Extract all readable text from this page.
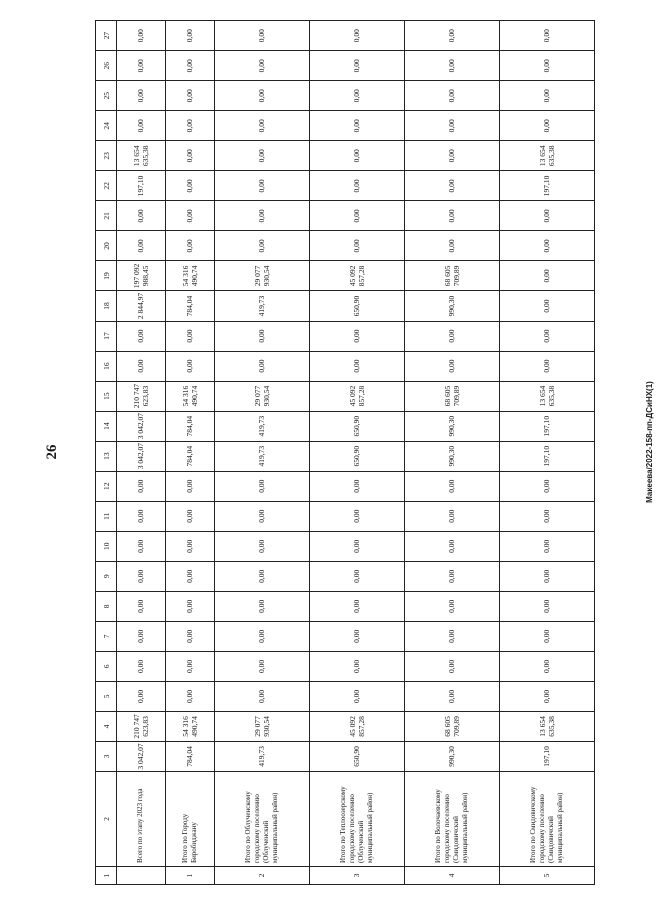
26	Макеева/2022-158-пп-ДСиНХ(1)
1	2	3	4	5	6	7	8	9	10	11	12	13	14	15	16	17	18	19	20	21	22	23	24	25	26	27
	Всего по этапу 2023 года	3 042,07	210 747 623,83	0,00	0,00	0,00	0,00	0,00	0,00	0,00	0,00	3 042,07	3 042,07	210 747 623,83	0,00	0,00	2 844,97	197 092 988,45	0,00	0,00	197,10	13 654 635,38	0,00	0,00	0,00	0,00
1	Итого по Городу Биробиджану	784,04	54 316 490,74	0,00	0,00	0,00	0,00	0,00	0,00	0,00	0,00	784,04	784,04	54 316 490,74	0,00	0,00	784,04	54 316 490,74	0,00	0,00	0,00	0,00	0,00	0,00	0,00	0,00
2	Итого по Облученскому городскому поселению (Облученский муниципальный район)	419,73	29 077 930,54	0,00	0,00	0,00	0,00	0,00	0,00	0,00	0,00	419,73	419,73	29 077 930,54	0,00	0,00	419,73	29 077 930,54	0,00	0,00	0,00	0,00	0,00	0,00	0,00	0,00
3	Итого по Теплоозерскому городскому поселению (Облученский муниципальный район)	650,90	45 092 857,28	0,00	0,00	0,00	0,00	0,00	0,00	0,00	0,00	650,90	650,90	45 092 857,28	0,00	0,00	650,90	45 092 857,28	0,00	0,00	0,00	0,00	0,00	0,00	0,00	0,00
4	Итого по Волочаевскому городскому поселению (Смидовичский муниципальный район)	990,30	68 605 709,89	0,00	0,00	0,00	0,00	0,00	0,00	0,00	0,00	990,30	990,30	68 605 709,89	0,00	0,00	990,30	68 605 709,89	0,00	0,00	0,00	0,00	0,00	0,00	0,00	0,00
5	Итого по Смидовичскому городскому поселению (Смидовичский муниципальный район)	197,10	13 654 635,38	0,00	0,00	0,00	0,00	0,00	0,00	0,00	0,00	197,10	197,10	13 654 635,38	0,00	0,00	0,00	0,00	0,00	0,00	197,10	13 654 635,38	0,00	0,00	0,00	0,00
